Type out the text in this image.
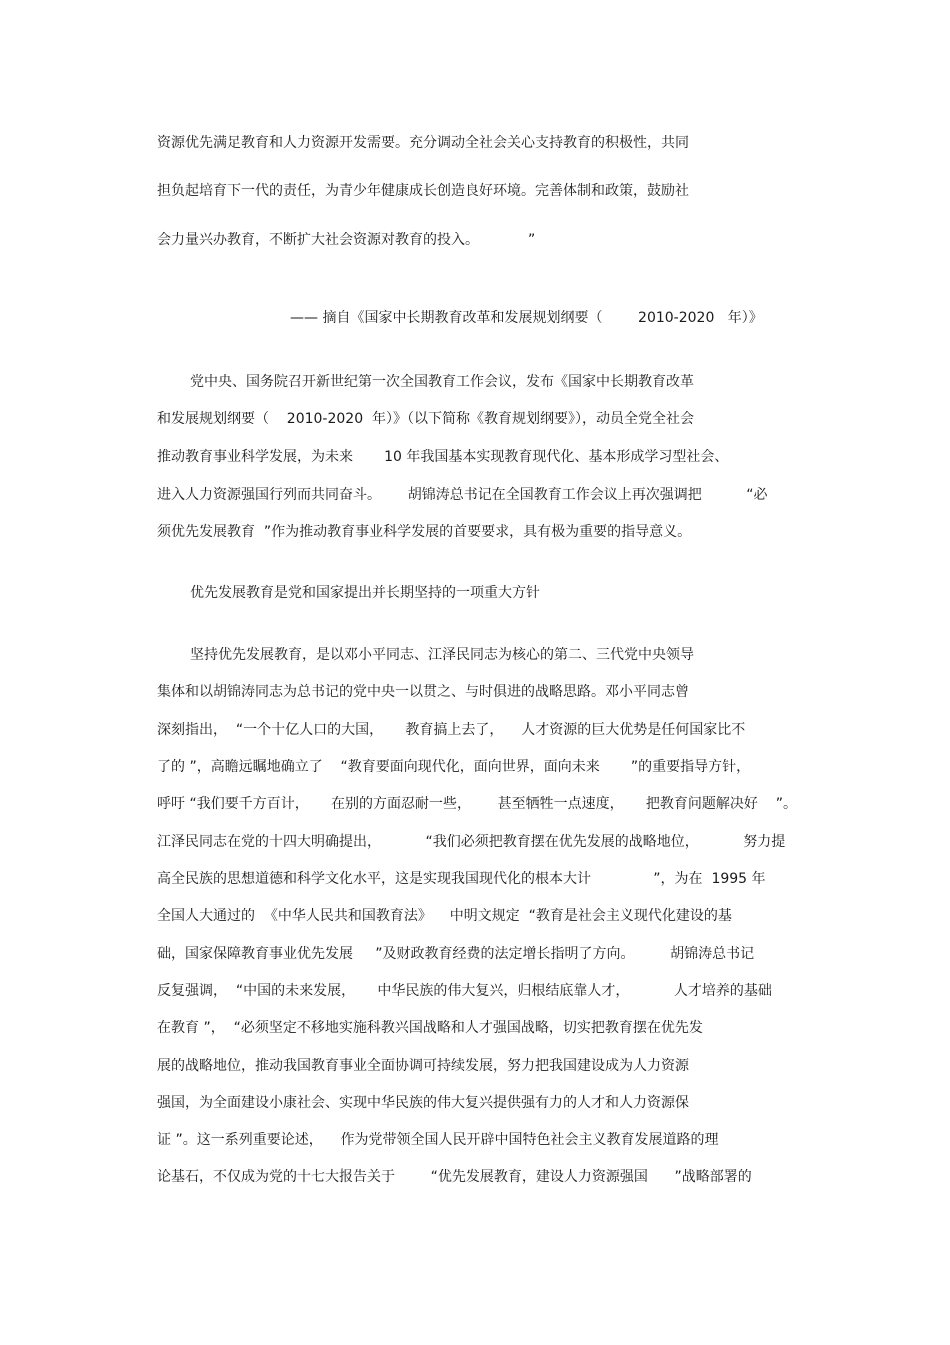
资源优先满足教育和人力资源开发需要。充分调动全社会关心支持教育的积极性，共同
担负起培育下一代的责任，为青少年健康成长创造良好环境。完善体制和政策，鼓励社
会力量兴办教育，不断扩大社会资源对教育的投入。           ”
—— 摘自《国家中长期教育改革和发展规划纲要（        2010-2020   年）》
党中央、国务院召开新世纪第一次全国教育工作会议，发布《国家中长期教育改革
和发展规划纲要（    2010-2020  年）》（以下简称《教育规划纲要》），动员全党全社会
推动教育事业科学发展，为未来       10 年我国基本实现教育现代化、基本形成学习型社会、
进入人力资源强国行列而共同奋斗。      胡锦涛总书记在全国教育工作会议上再次强调把          “必
须优先发展教育  ”作为推动教育事业科学发展的首要要求，具有极为重要的指导意义。
优先发展教育是党和国家提出并长期坚持的一项重大方针
坚持优先发展教育，是以邓小平同志、江泽民同志为核心的第二、三代党中央领导
集体和以胡锦涛同志为总书记的党中央一以贯之、与时俱进的战略思路。邓小平同志曾
深刻指出，  “一个十亿人口的大国，     教育搞上去了，    人才资源的巨大优势是任何国家比不
了的 ”，高瞻远瞩地确立了    “教育要面向现代化，面向世界，面向未来       ”的重要指导方针，
呼吁 “我们要千方百计，     在别的方面忍耐一些，      甚至牺牲一点速度，     把教育问题解决好    ”。
江泽民同志在党的十四大明确提出，          “我们必须把教育摆在优先发展的战略地位，          努力提
高全民族的思想道德和科学文化水平，这是实现我国现代化的根本大计              ”，为在  1995 年
全国人大通过的  《中华人民共和国教育法》    中明文规定  “教育是社会主义现代化建设的基
础，国家保障教育事业优先发展     ”及财政教育经费的法定增长指明了方向。        胡锦涛总书记
反复强调，  “中国的未来发展，     中华民族的伟大复兴，归根结底靠人才，          人才培养的基础
在教育 ”，  “必须坚定不移地实施科教兴国战略和人才强国战略，切实把教育摆在优先发
展的战略地位，推动我国教育事业全面协调可持续发展，努力把我国建设成为人力资源
强国，为全面建设小康社会、实现中华民族的伟大复兴提供强有力的人才和人力资源保
证 ”。这一系列重要论述，    作为党带领全国人民开辟中国特色社会主义教育发展道路的理
论基石，不仅成为党的十七大报告关于        “优先发展教育，建设人力资源强国      ”战略部署的
